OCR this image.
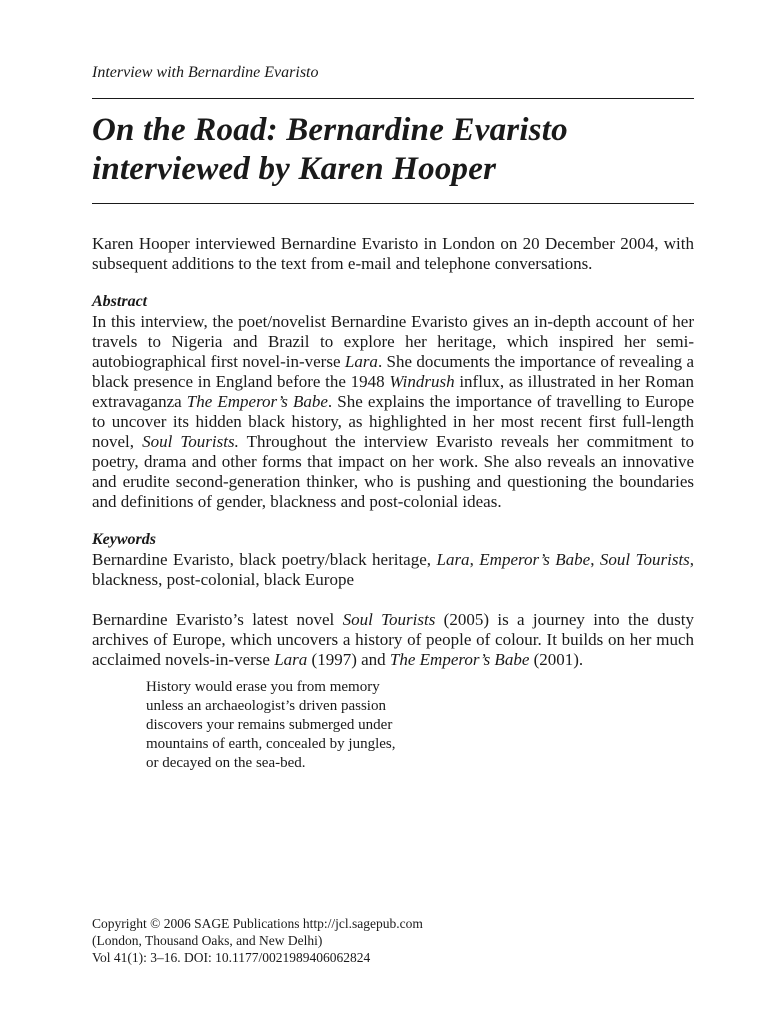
Interview with Bernardine Evaristo

On the Road: Bernardine Evaristo
interviewed by Karen Hooper

Karen Hooper interviewed Bernardine Evaristo in London on 20 December 2004, with subsequent additions to the text from e-mail and telephone conversations.

Abstract

In this interview, the poet/novelist Bernardine Evaristo gives an in-depth account of her travels to Nigeria and Brazil to explore her heritage, which inspired her semi-autobiographical first novel-in-verse Lara. She documents the importance of revealing a black presence in England before the 1948 Windrush influx, as illustrated in her Roman extravaganza The Emperor’s Babe. She explains the importance of travelling to Europe to uncover its hidden black history, as highlighted in her most recent first full-length novel, Soul Tourists. Throughout the interview Evaristo reveals her commitment to poetry, drama and other forms that impact on her work. She also reveals an innovative and erudite second-generation thinker, who is pushing and questioning the boundaries and definitions of gender, blackness and post-colonial ideas.

Keywords

Bernardine Evaristo, black poetry/black heritage, Lara, Emperor’s Babe, Soul Tourists, blackness, post-colonial, black Europe

Bernardine Evaristo’s latest novel Soul Tourists (2005) is a journey into the dusty archives of Europe, which uncovers a history of people of colour. It builds on her much acclaimed novels-in-verse Lara (1997) and The Emperor’s Babe (2001).

History would erase you from memory
unless an archaeologist’s driven passion
discovers your remains submerged under
mountains of earth, concealed by jungles,
or decayed on the sea-bed.

Copyright © 2006 SAGE Publications http://jcl.sagepub.com
(London, Thousand Oaks, and New Delhi)
Vol 41(1): 3–16. DOI: 10.1177/0021989406062824
